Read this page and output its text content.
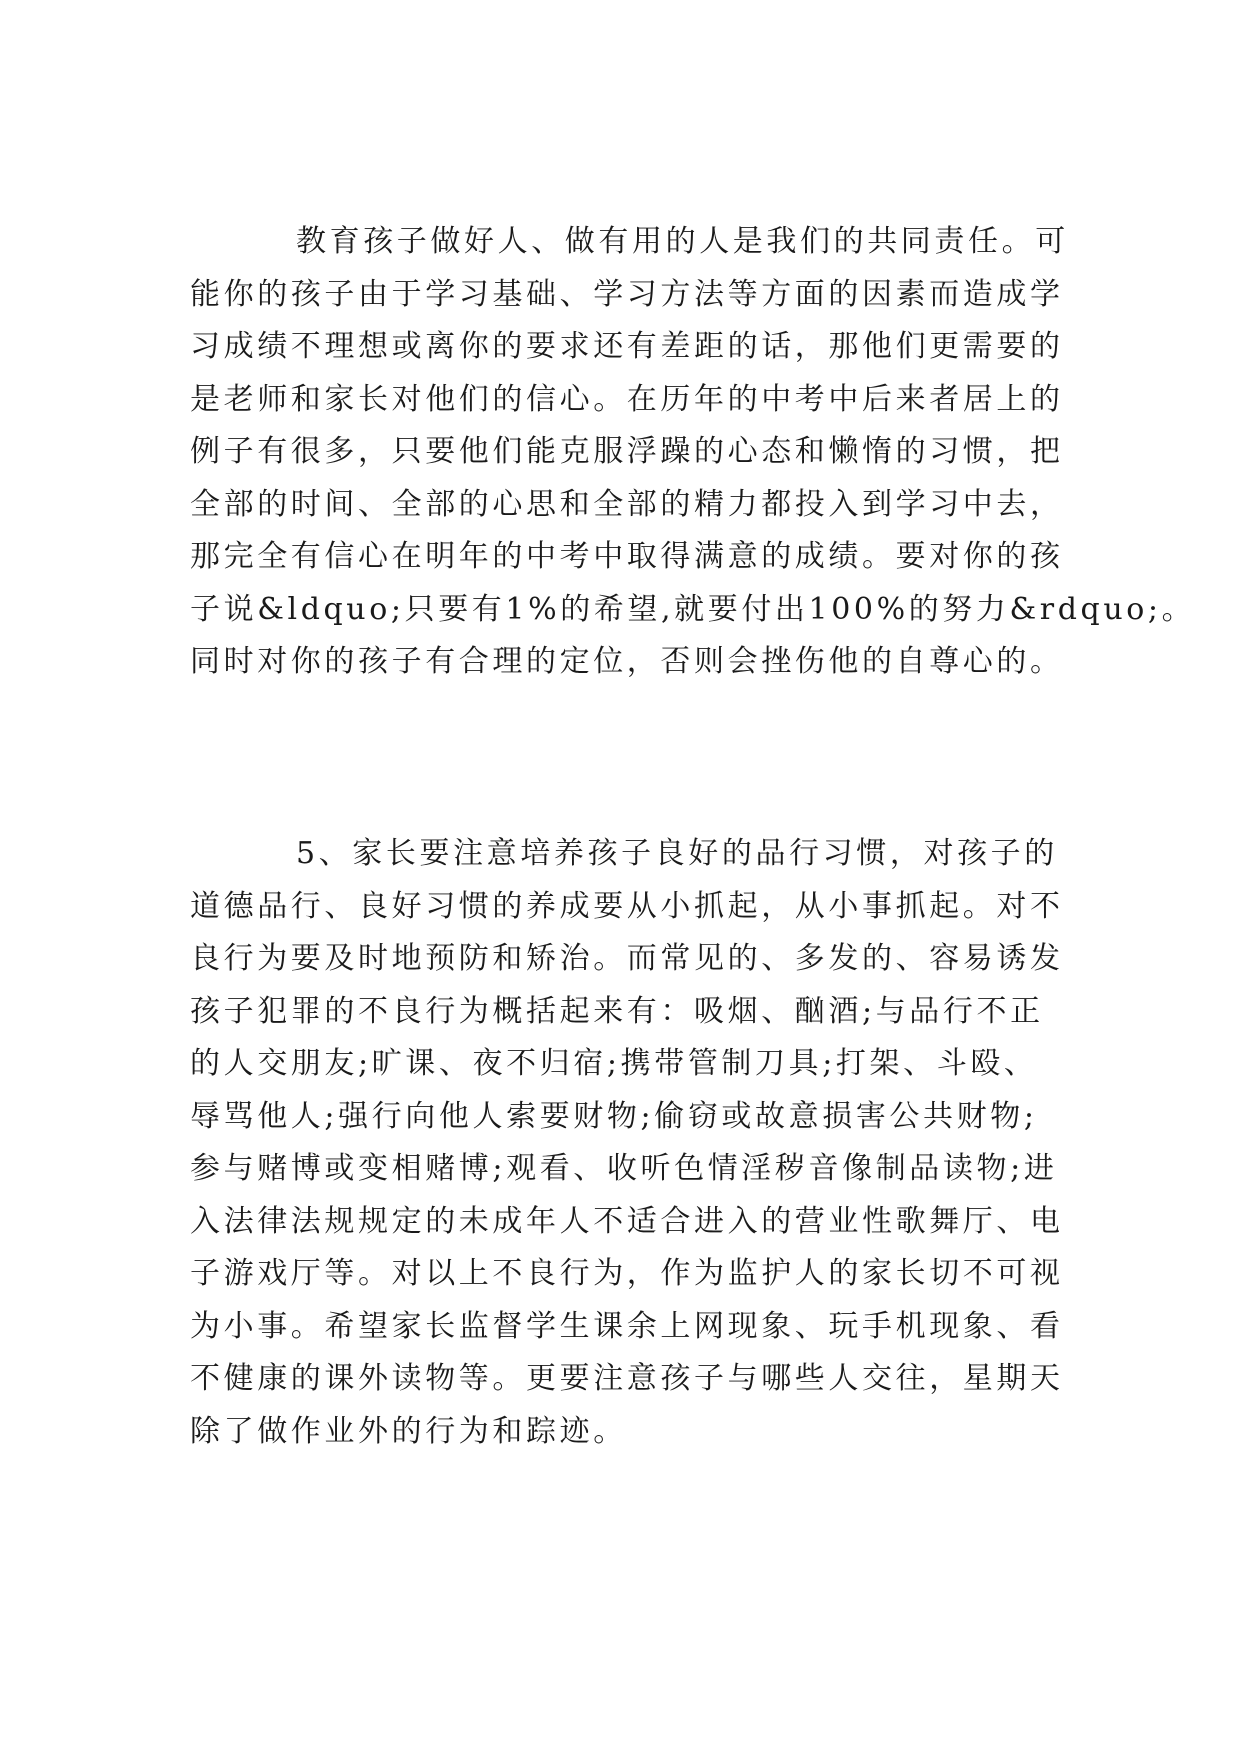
教育孩子做好人、做有用的人是我们的共同责任。可
能你的孩子由于学习基础、学习方法等方面的因素而造成学
习成绩不理想或离你的要求还有差距的话，那他们更需要的
是老师和家长对他们的信心。在历年的中考中后来者居上的
例子有很多，只要他们能克服浮躁的心态和懒惰的习惯，把
全部的时间、全部的心思和全部的精力都投入到学习中去，
那完全有信心在明年的中考中取得满意的成绩。要对你的孩
子说&ldquo;只要有1%的希望,就要付出100%的努力&rdquo;。
同时对你的孩子有合理的定位，否则会挫伤他的自尊心的。

5、家长要注意培养孩子良好的品行习惯，对孩子的
道德品行、良好习惯的养成要从小抓起，从小事抓起。对不
良行为要及时地预防和矫治。而常见的、多发的、容易诱发
孩子犯罪的不良行为概括起来有：吸烟、酗酒;与品行不正
的人交朋友;旷课、夜不归宿;携带管制刀具;打架、斗殴、
辱骂他人;强行向他人索要财物;偷窃或故意损害公共财物;
参与赌博或变相赌博;观看、收听色情淫秽音像制品读物;进
入法律法规规定的未成年人不适合进入的营业性歌舞厅、电
子游戏厅等。对以上不良行为，作为监护人的家长切不可视
为小事。希望家长监督学生课余上网现象、玩手机现象、看
不健康的课外读物等。更要注意孩子与哪些人交往，星期天
除了做作业外的行为和踪迹。
